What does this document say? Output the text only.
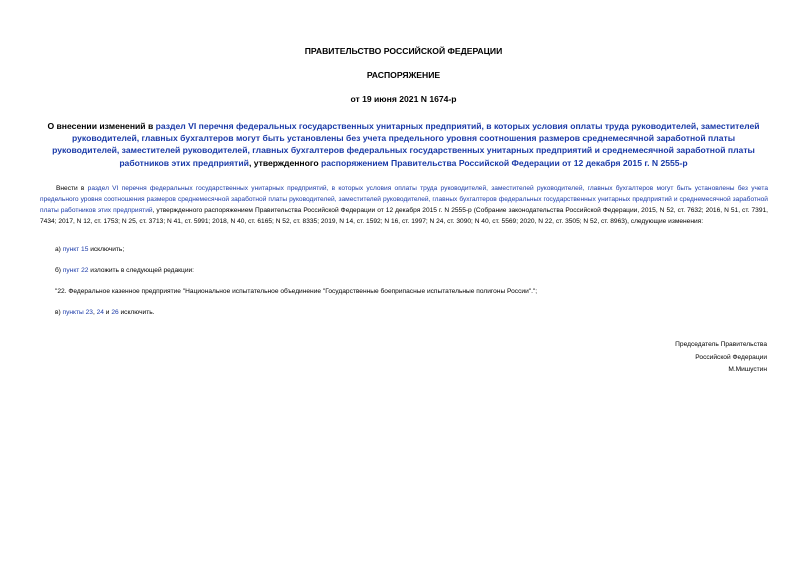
ПРАВИТЕЛЬСТВО РОССИЙСКОЙ ФЕДЕРАЦИИ
РАСПОРЯЖЕНИЕ
от 19 июня 2021 N 1674-р
О внесении изменений в раздел VI перечня федеральных государственных унитарных предприятий, в которых условия оплаты труда руководителей, заместителей руководителей, главных бухгалтеров могут быть установлены без учета предельного уровня соотношения размеров среднемесячной заработной платы руководителей, заместителей руководителей, главных бухгалтеров федеральных государственных унитарных предприятий и среднемесячной заработной платы работников этих предприятий, утвержденного распоряжением Правительства Российской Федерации от 12 декабря 2015 г. N 2555-р
Внести в раздел VI перечня федеральных государственных унитарных предприятий, в которых условия оплаты труда руководителей, заместителей руководителей, главных бухгалтеров могут быть установлены без учета предельного уровня соотношения размеров среднемесячной заработной платы руководителей, заместителей руководителей, главных бухгалтеров федеральных государственных унитарных предприятий и среднемесячной заработной платы работников этих предприятий, утвержденного распоряжением Правительства Российской Федерации от 12 декабря 2015 г. N 2555-р (Собрание законодательства Российской Федерации, 2015, N 52, ст. 7632; 2016, N 51, ст. 7391, 7434; 2017, N 12, ст. 1753; N 25, ст. 3713; N 41, ст. 5991; 2018, N 40, ст. 6165; N 52, ст. 8335; 2019, N 14, ст. 1592; N 16, ст. 1997; N 24, ст. 3090; N 40, ст. 5569; 2020, N 22, ст. 3505; N 52, ст. 8963), следующие изменения:
а) пункт 15 исключить;
б) пункт 22 изложить в следующей редакции:
"22. Федеральное казенное предприятие "Национальное испытательное объединение "Государственные боеприпасные испытательные полигоны России".";
в) пункты 23, 24 и 26 исключить.
Председатель Правительства
Российской Федерации
М.Мишустин
